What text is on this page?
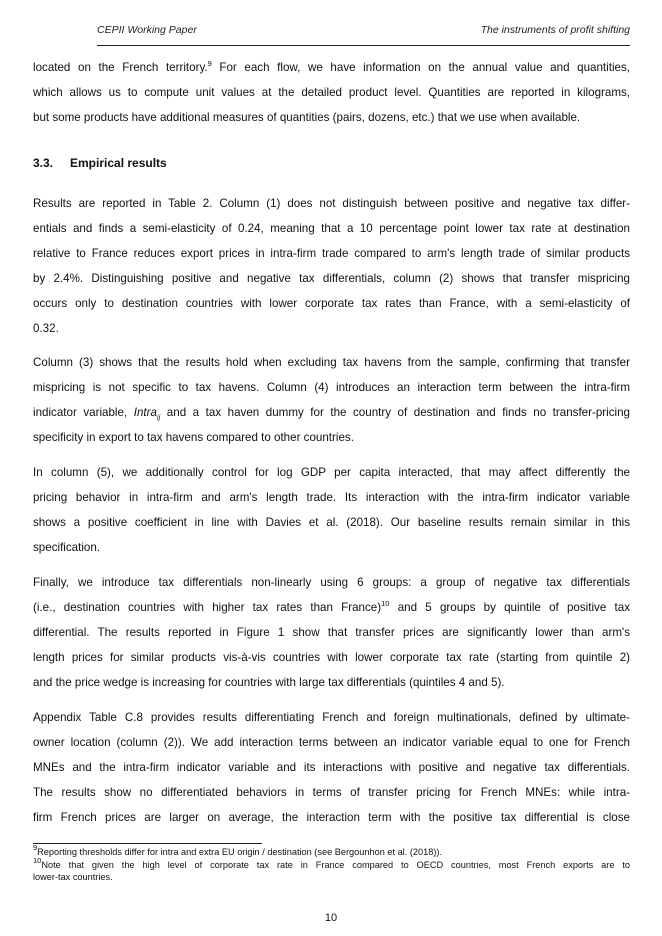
CEPII Working Paper	The instruments of profit shifting
located on the French territory.$^9$ For each flow, we have information on the annual value and quantities,
which allows us to compute unit values at the detailed product level. Quantities are reported in kilograms,
but some products have additional measures of quantities (pairs, dozens, etc.) that we use when available.
3.3. Empirical results
Results are reported in Table 2. Column (1) does not distinguish between positive and negative tax differ-
entials and finds a semi-elasticity of 0.24, meaning that a 10 percentage point lower tax rate at destination
relative to France reduces export prices in intra-firm trade compared to arm's length trade of similar products
by 2.4%. Distinguishing positive and negative tax differentials, column (2) shows that transfer mispricing
occurs only to destination countries with lower corporate tax rates than France, with a semi-elasticity of
0.32.
Column (3) shows that the results hold when excluding tax havens from the sample, confirming that transfer
mispricing is not specific to tax havens. Column (4) introduces an interaction term between the intra-firm
indicator variable, Intra$_{ij}$ and a tax haven dummy for the country of destination and finds no transfer-pricing
specificity in export to tax havens compared to other countries.
In column (5), we additionally control for log GDP per capita interacted, that may affect differently the
pricing behavior in intra-firm and arm's length trade. Its interaction with the intra-firm indicator variable
shows a positive coefficient in line with Davies et al. (2018). Our baseline results remain similar in this
specification.
Finally, we introduce tax differentials non-linearly using 6 groups: a group of negative tax differentials
(i.e., destination countries with higher tax rates than France)$^{10}$ and 5 groups by quintile of positive tax
differential. The results reported in Figure 1 show that transfer prices are significantly lower than arm's
length prices for similar products vis-à-vis countries with lower corporate tax rate (starting from quintile 2)
and the price wedge is increasing for countries with large tax differentials (quintiles 4 and 5).
Appendix Table C.8 provides results differentiating French and foreign multinationals, defined by ultimate-
owner location (column (2)). We add interaction terms between an indicator variable equal to one for French
MNEs and the intra-firm indicator variable and its interactions with positive and negative tax differentials.
The results show no differentiated behaviors in terms of transfer pricing for French MNEs: while intra-
firm French prices are larger on average, the interaction term with the positive tax differential is close
$^9$Reporting thresholds differ for intra and extra EU origin / destination (see Bergounhon et al. (2018)).
$^{10}$Note that given the high level of corporate tax rate in France compared to OECD countries, most French exports are to
lower-tax countries.
10
